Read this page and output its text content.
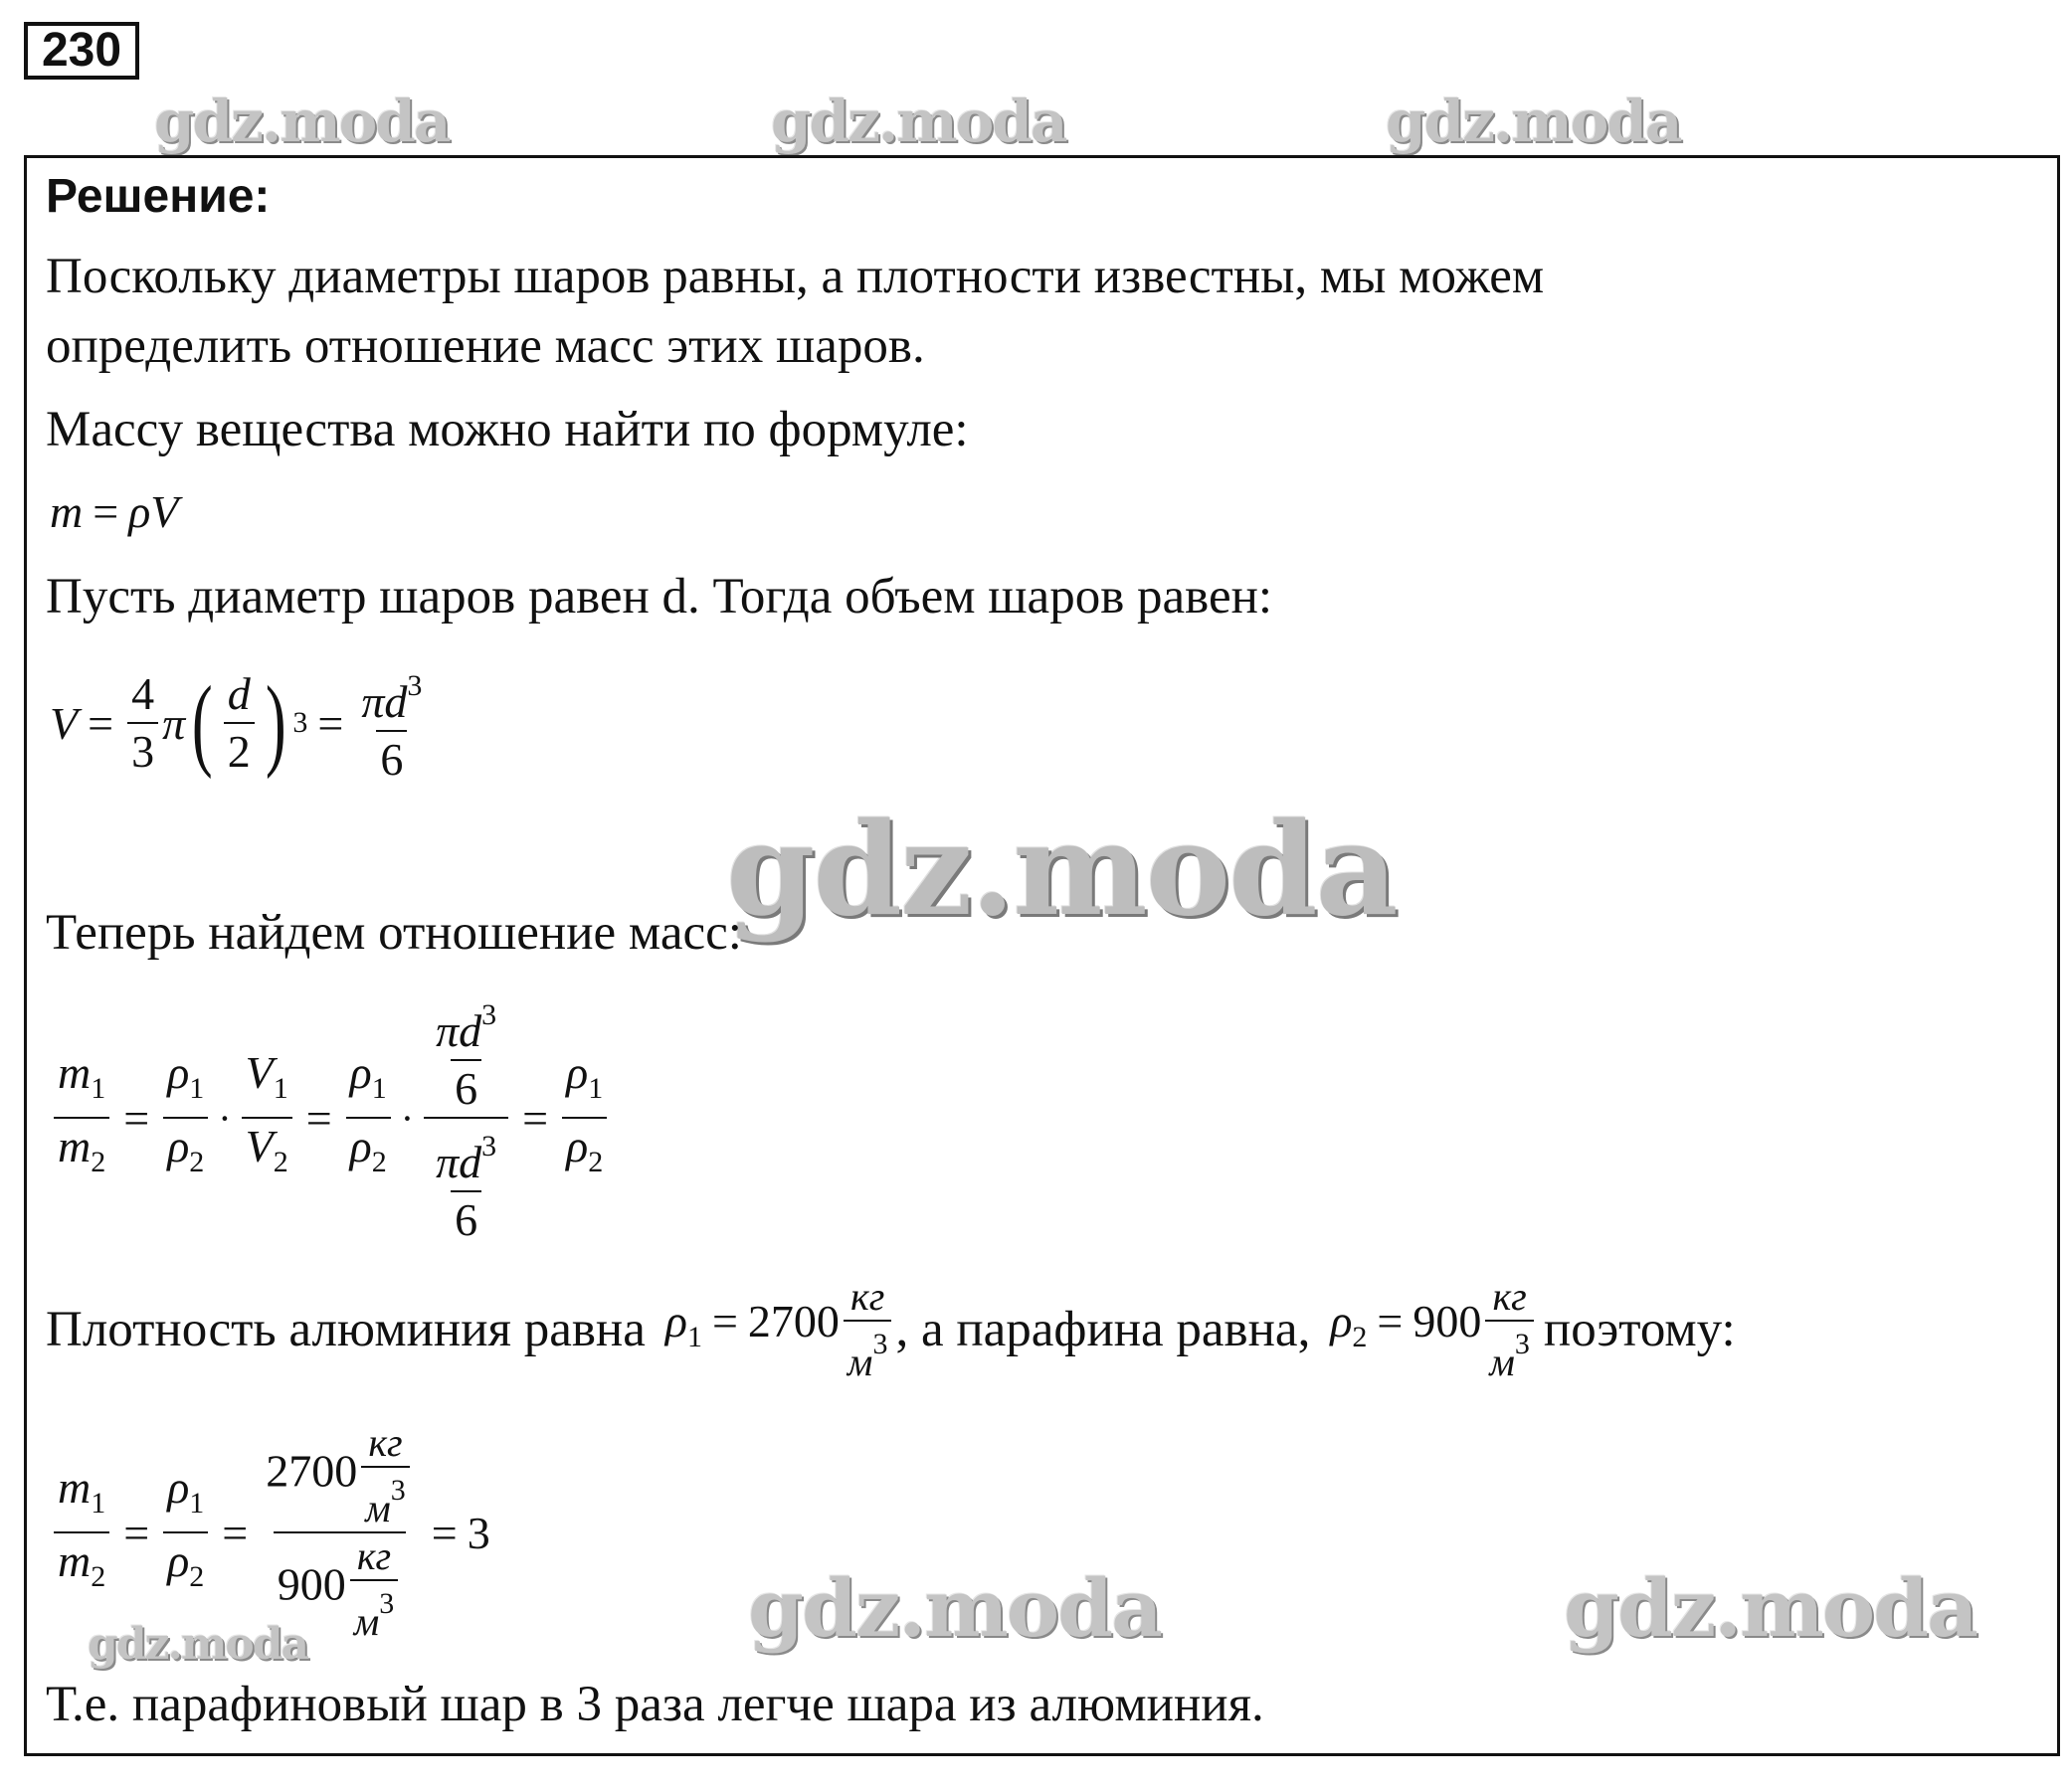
230
gdz.moda	gdz.moda	gdz.moda
Решение:
Поскольку диаметры шаров равны, а плотности известны, мы можем
определить отношение масс этих шаров.
Массу вещества можно найти по формуле:
m = ρV
Пусть диаметр шаров равен d. Тогда объем шаров равен:
$V = \frac{4}{3}$ π ( $\frac{d}{2}$ ) $3 = \frac{\pi d^3}{6}$
gdz.moda
Теперь найдем отношение масс:
$\frac{m_1}{m_2} = \frac{\rho_1}{\rho_2} \cdot \frac{V_1}{V_2} = \frac{\rho_1}{\rho_2} \cdot \frac{\frac{\pi d^3}{6}}{\frac{\pi d^3}{6}} = \frac{\rho_1}{\rho_2}$
Плотность алюминия равна $\rho_1 = 2700 \frac{кг}{м^3}$ , а парафина равна, $\rho_2 = 900 \frac{кг}{м^3}$ поэтому:
$\frac{m_1}{m_2} = \frac{\rho_1}{\rho_2} = \frac{2700 \frac{кг}{м^3}}{900 \frac{кг}{м^3}} = 3$
gdz.moda	gdz.moda	gdz.moda
Т.е. парафиновый шар в 3 раза легче шара из алюминия.
